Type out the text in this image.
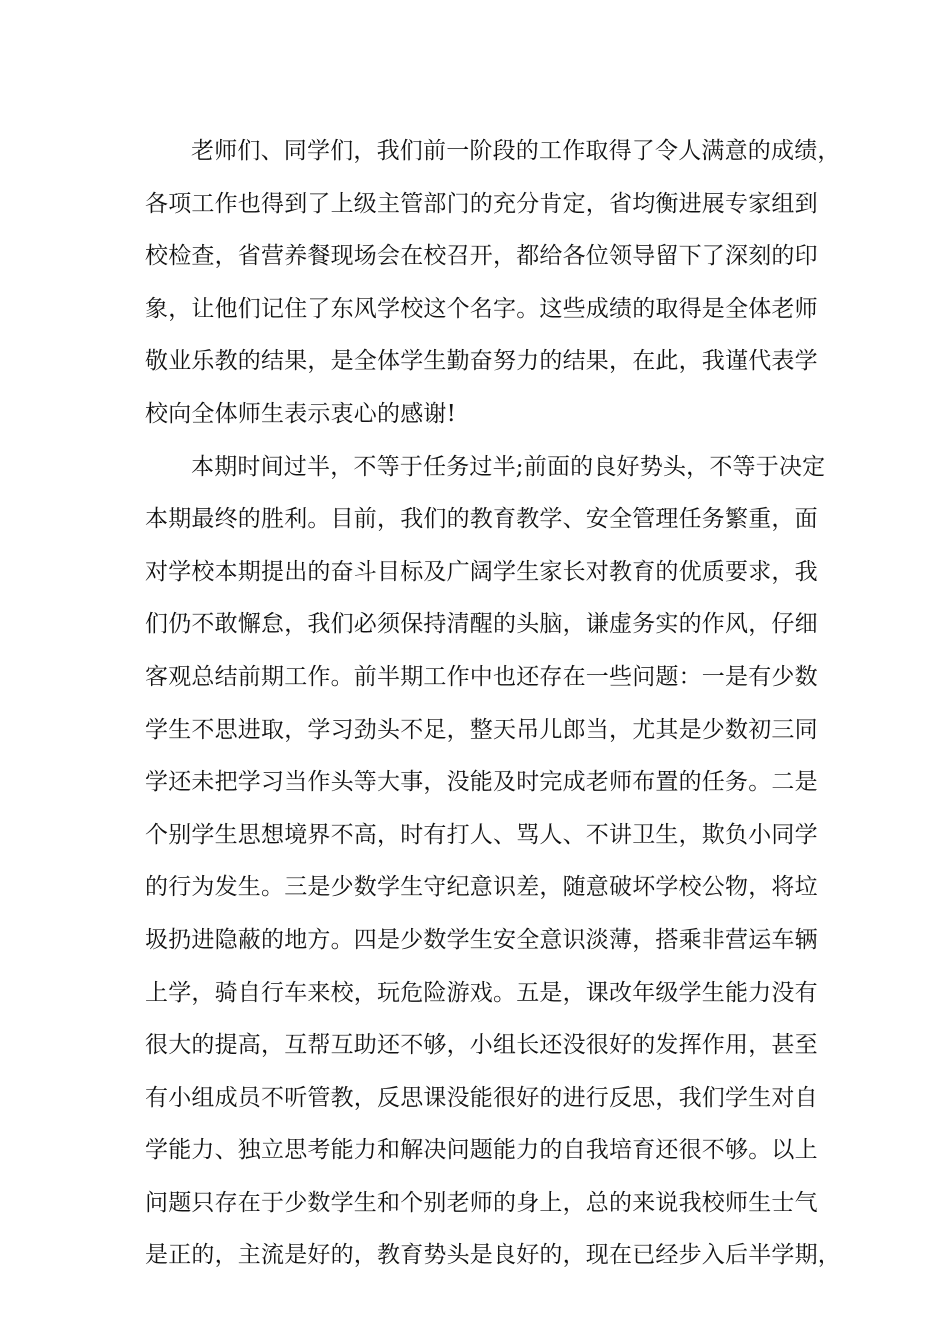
老师们、同学们，我们前一阶段的工作取得了令人满意的成绩，
各项工作也得到了上级主管部门的充分肯定，省均衡进展专家组到
校检查，省营养餐现场会在校召开，都给各位领导留下了深刻的印
象，让他们记住了东风学校这个名字。这些成绩的取得是全体老师
敬业乐教的结果，是全体学生勤奋努力的结果，在此，我谨代表学
校向全体师生表示衷心的感谢!
本期时间过半，不等于任务过半;前面的良好势头，不等于决定
本期最终的胜利。目前，我们的教育教学、安全管理任务繁重，面
对学校本期提出的奋斗目标及广阔学生家长对教育的优质要求，我
们仍不敢懈怠，我们必须保持清醒的头脑，谦虚务实的作风，仔细
客观总结前期工作。前半期工作中也还存在一些问题：一是有少数
学生不思进取，学习劲头不足，整天吊儿郎当，尤其是少数初三同
学还未把学习当作头等大事，没能及时完成老师布置的任务。二是
个别学生思想境界不高，时有打人、骂人、不讲卫生，欺负小同学
的行为发生。三是少数学生守纪意识差，随意破坏学校公物，将垃
圾扔进隐蔽的地方。四是少数学生安全意识淡薄，搭乘非营运车辆
上学，骑自行车来校，玩危险游戏。五是，课改年级学生能力没有
很大的提高，互帮互助还不够，小组长还没很好的发挥作用，甚至
有小组成员不听管教，反思课没能很好的进行反思，我们学生对自
学能力、独立思考能力和解决问题能力的自我培育还很不够。以上
问题只存在于少数学生和个别老师的身上，总的来说我校师生士气
是正的，主流是好的，教育势头是良好的，现在已经步入后半学期，
